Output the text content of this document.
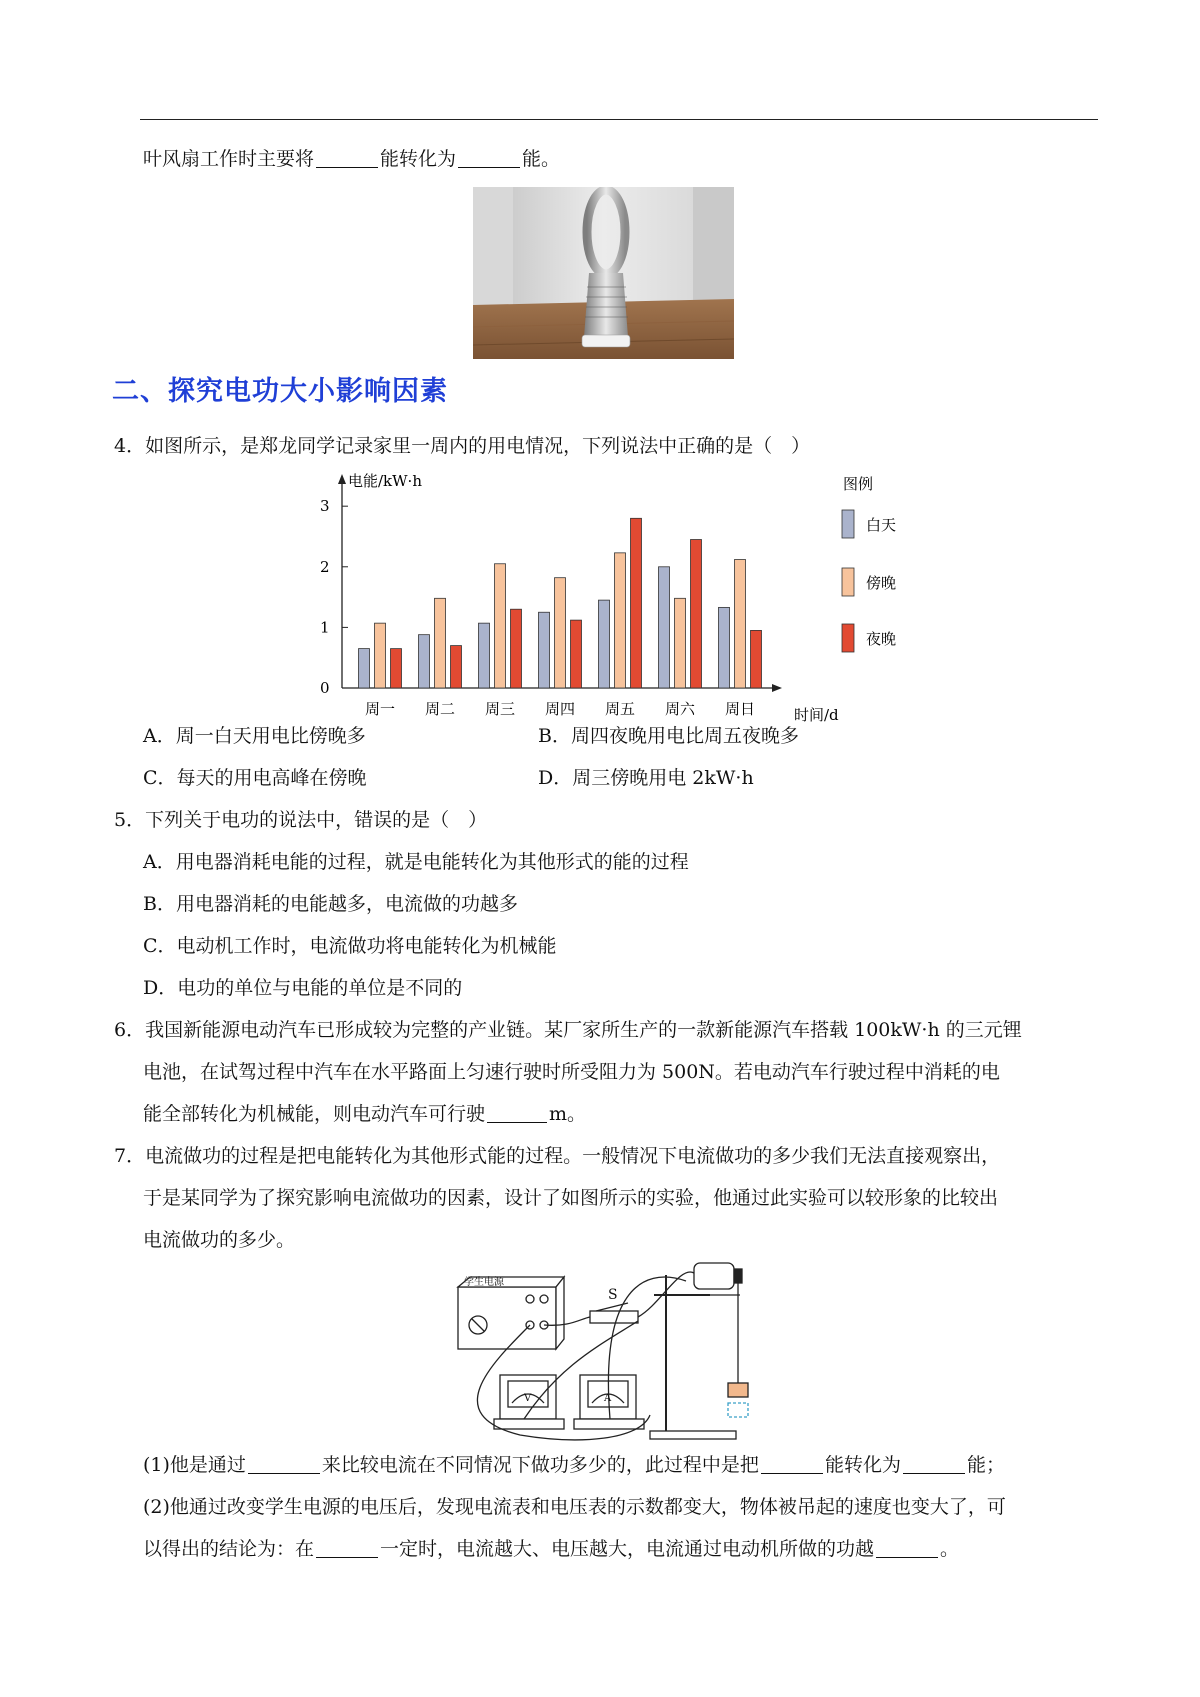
叶风扇工作时主要将	能转化为	能。
二、探究电功大小影响因素
4．如图所示，是郑龙同学记录家里一周内的用电情况，下列说法中正确的是（　）
0
1
2
3
周一 周二 周三 周四 周五 周六 周日
白天
傍晚
夜晚
电能/kW·h
时间/d
图例
A．周一白天用电比傍晚多	B．周四夜晚用电比周五夜晚多
C．每天的用电高峰在傍晚	D．周三傍晚用电 2kW·h
5．下列关于电功的说法中，错误的是（　）
A．用电器消耗电能的过程，就是电能转化为其他形式的能的过程
B．用电器消耗的电能越多，电流做的功越多
C．电动机工作时，电流做功将电能转化为机械能
D．电功的单位与电能的单位是不同的
6．我国新能源电动汽车已形成较为完整的产业链。某厂家所生产的一款新能源汽车搭载 100kW·h 的三元锂
电池，在试驾过程中汽车在水平路面上匀速行驶时所受阻力为 500N。若电动汽车行驶过程中消耗的电
能全部转化为机械能，则电动汽车可行驶	m。
7．电流做功的过程是把电能转化为其他形式能的过程。一般情况下电流做功的多少我们无法直接观察出，
于是某同学为了探究影响电流做功的因素，设计了如图所示的实验，他通过此实验可以较形象的比较出
电流做功的多少。
学生电源
S
V	A
(1)他是通过	来比较电流在不同情况下做功多少的，此过程中是把	能转化为	能；
(2)他通过改变学生电源的电压后，发现电流表和电压表的示数都变大，物体被吊起的速度也变大了，可
以得出的结论为：在	一定时，电流越大、电压越大，电流通过电动机所做的功越	。
